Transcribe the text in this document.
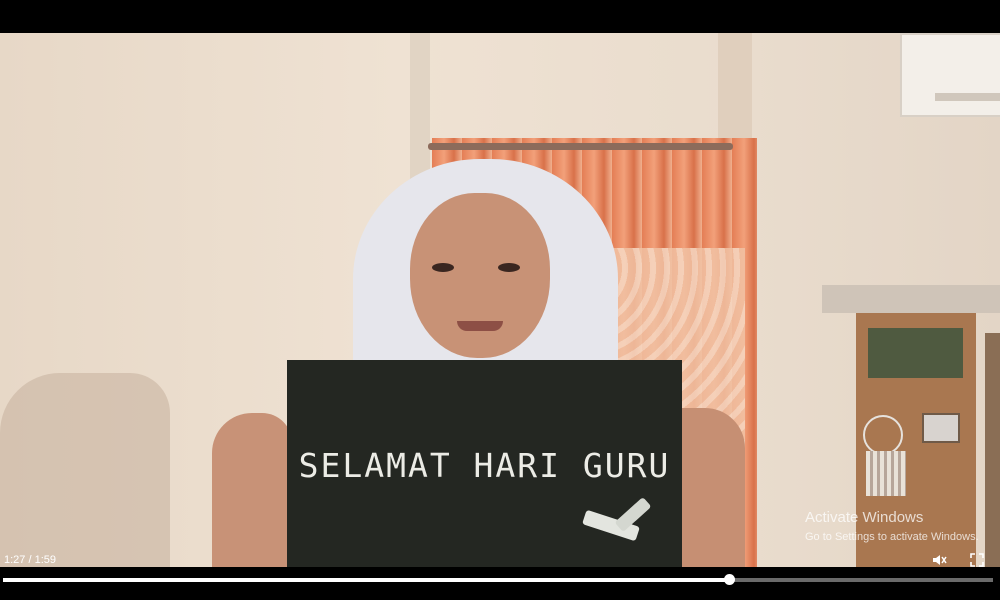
SELAMAT HARI GURU
Activate Windows
Go to Settings to activate Windows.
1:27 / 1:59
